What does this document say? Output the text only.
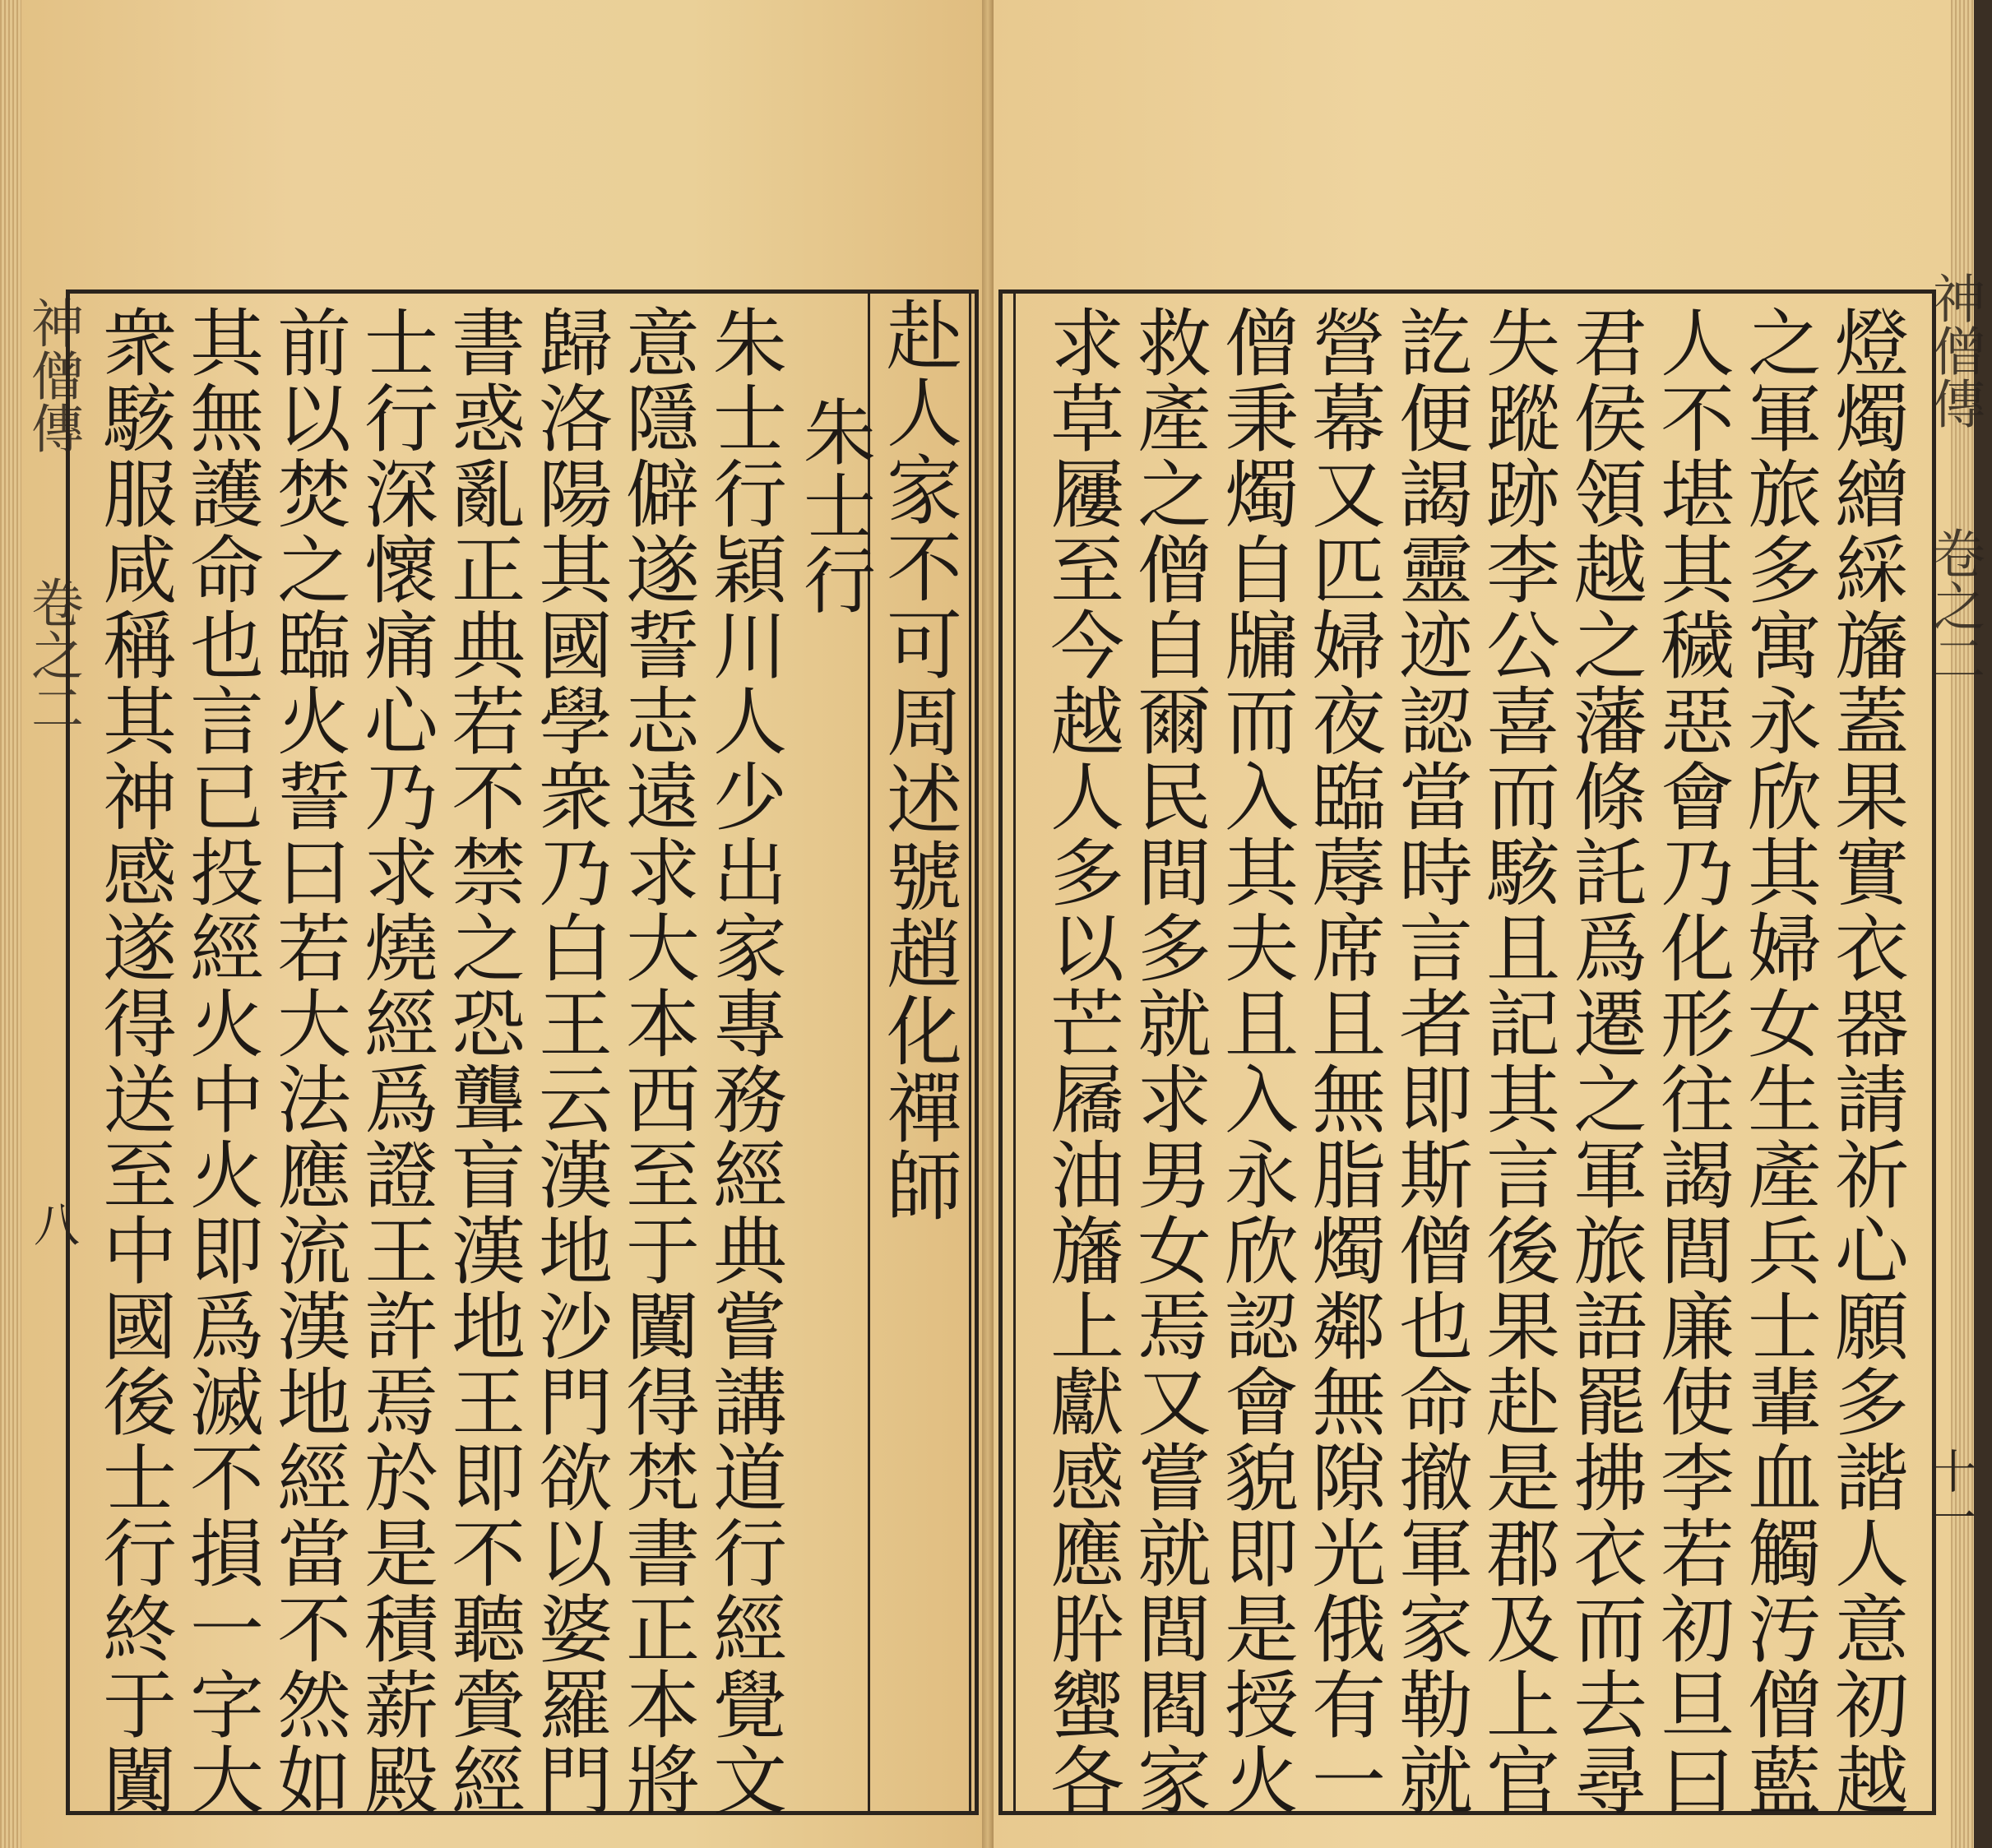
神僧傳
卷之二
八	赴人家不可周述號趙化禪師
朱士行
朱士行穎川人少出家專務經典嘗講道行經覺文
意隱僻遂誓志遠求大本西至于闐得梵書正本將
歸洛陽其國學衆乃白王云漢地沙門欲以婆羅門
書惑亂正典若不禁之恐聾盲漢地王即不聽賫經
士行深懷痛心乃求燒經爲證王許焉於是積薪殿
前以焚之臨火誓曰若大法應流漢地經當不然如
其無護命也言已投經火中火即爲滅不損一字大
衆駭服咸稱其神感遂得送至中國後士行終于闐	神僧傳
卷之二
十一
燈燭繒綵旛蓋果實衣器請祈心願多諧人意初越
之軍旅多寓永欣其婦女生產兵士輩血觸汚僧藍
人不堪其穢惡會乃化形往謁閭廉使李若初旦曰
君侯領越之藩條託爲遷之軍旅語罷拂衣而去尋
失蹤跡李公喜而駭且記其言後果赴是郡及上官
訖便謁靈迹認當時言者即斯僧也命撤軍家勒就
營幕又匹婦夜臨蓐席且無脂燭鄰無隙光俄有一
僧秉燭自牖而入其夫且入永欣認會貌即是授火
救產之僧自爾民間多就求男女焉又嘗就閭閻家
求草屨至今越人多以芒屩油旛上獻感應肸蠁各
